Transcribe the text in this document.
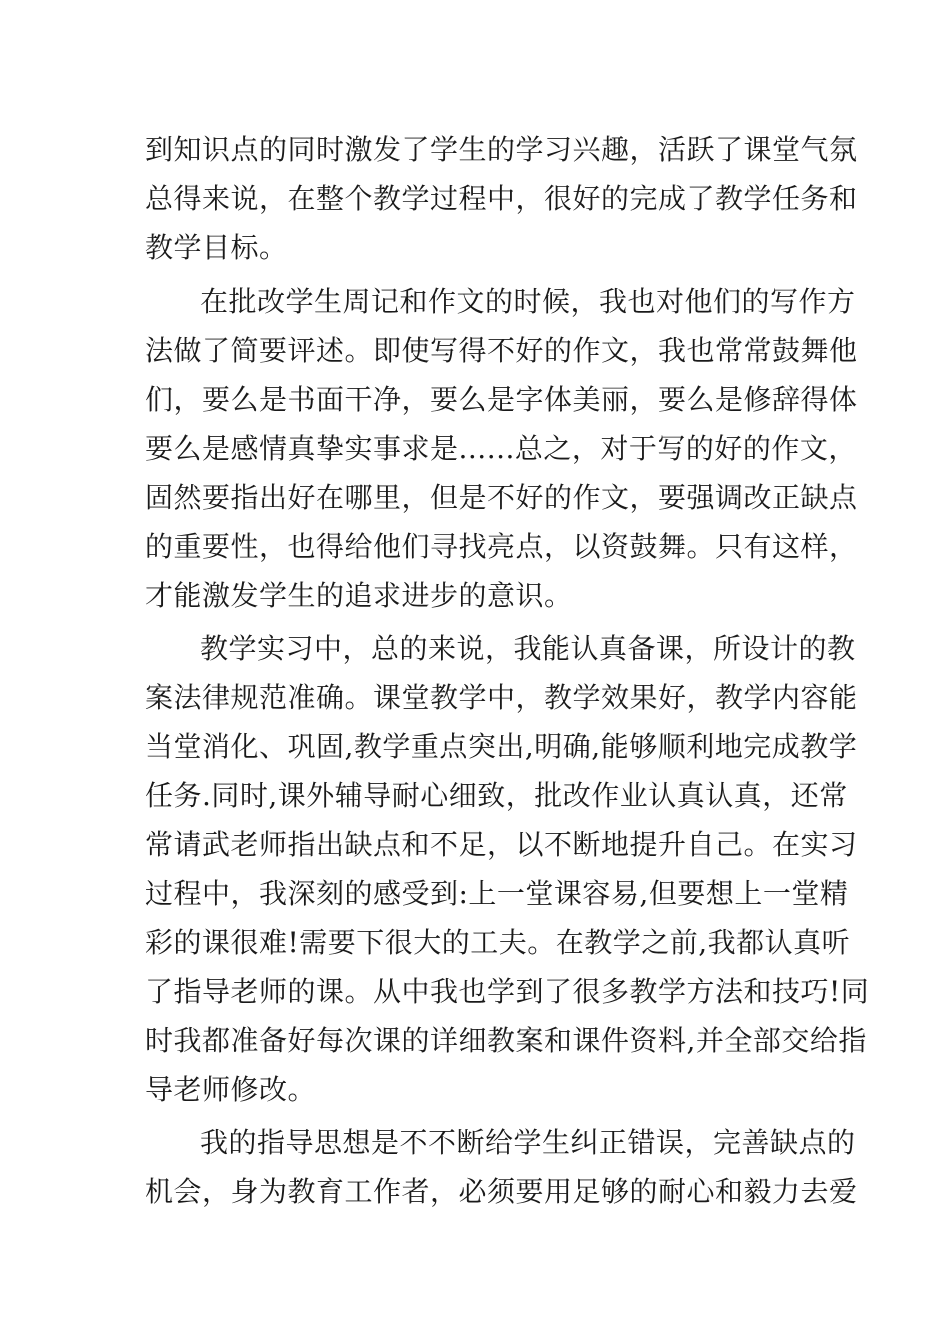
到知识点的同时激发了学生的学习兴趣，活跃了课堂气氛
总得来说，在整个教学过程中，很好的完成了教学任务和
教学目标。
在批改学生周记和作文的时候，我也对他们的写作方
法做了简要评述。即使写得不好的作文，我也常常鼓舞他
们，要么是书面干净，要么是字体美丽，要么是修辞得体
要么是感情真挚实事求是......总之，对于写的好的作文，
固然要指出好在哪里，但是不好的作文，要强调改正缺点
的重要性，也得给他们寻找亮点，以资鼓舞。只有这样，
才能激发学生的追求进步的意识。
教学实习中，总的来说，我能认真备课，所设计的教
案法律规范准确。课堂教学中，教学效果好，教学内容能
当堂消化、巩固,教学重点突出,明确,能够顺利地完成教学
任务.同时,课外辅导耐心细致，批改作业认真认真，还常
常请武老师指出缺点和不足，以不断地提升自己。在实习
过程中，我深刻的感受到:上一堂课容易,但要想上一堂精
彩的课很难!需要下很大的工夫。在教学之前,我都认真听
了指导老师的课。从中我也学到了很多教学方法和技巧!同
时我都准备好每次课的详细教案和课件资料,并全部交给指
导老师修改。
我的指导思想是不不断给学生纠正错误，完善缺点的
机会，身为教育工作者，必须要用足够的耐心和毅力去爱
